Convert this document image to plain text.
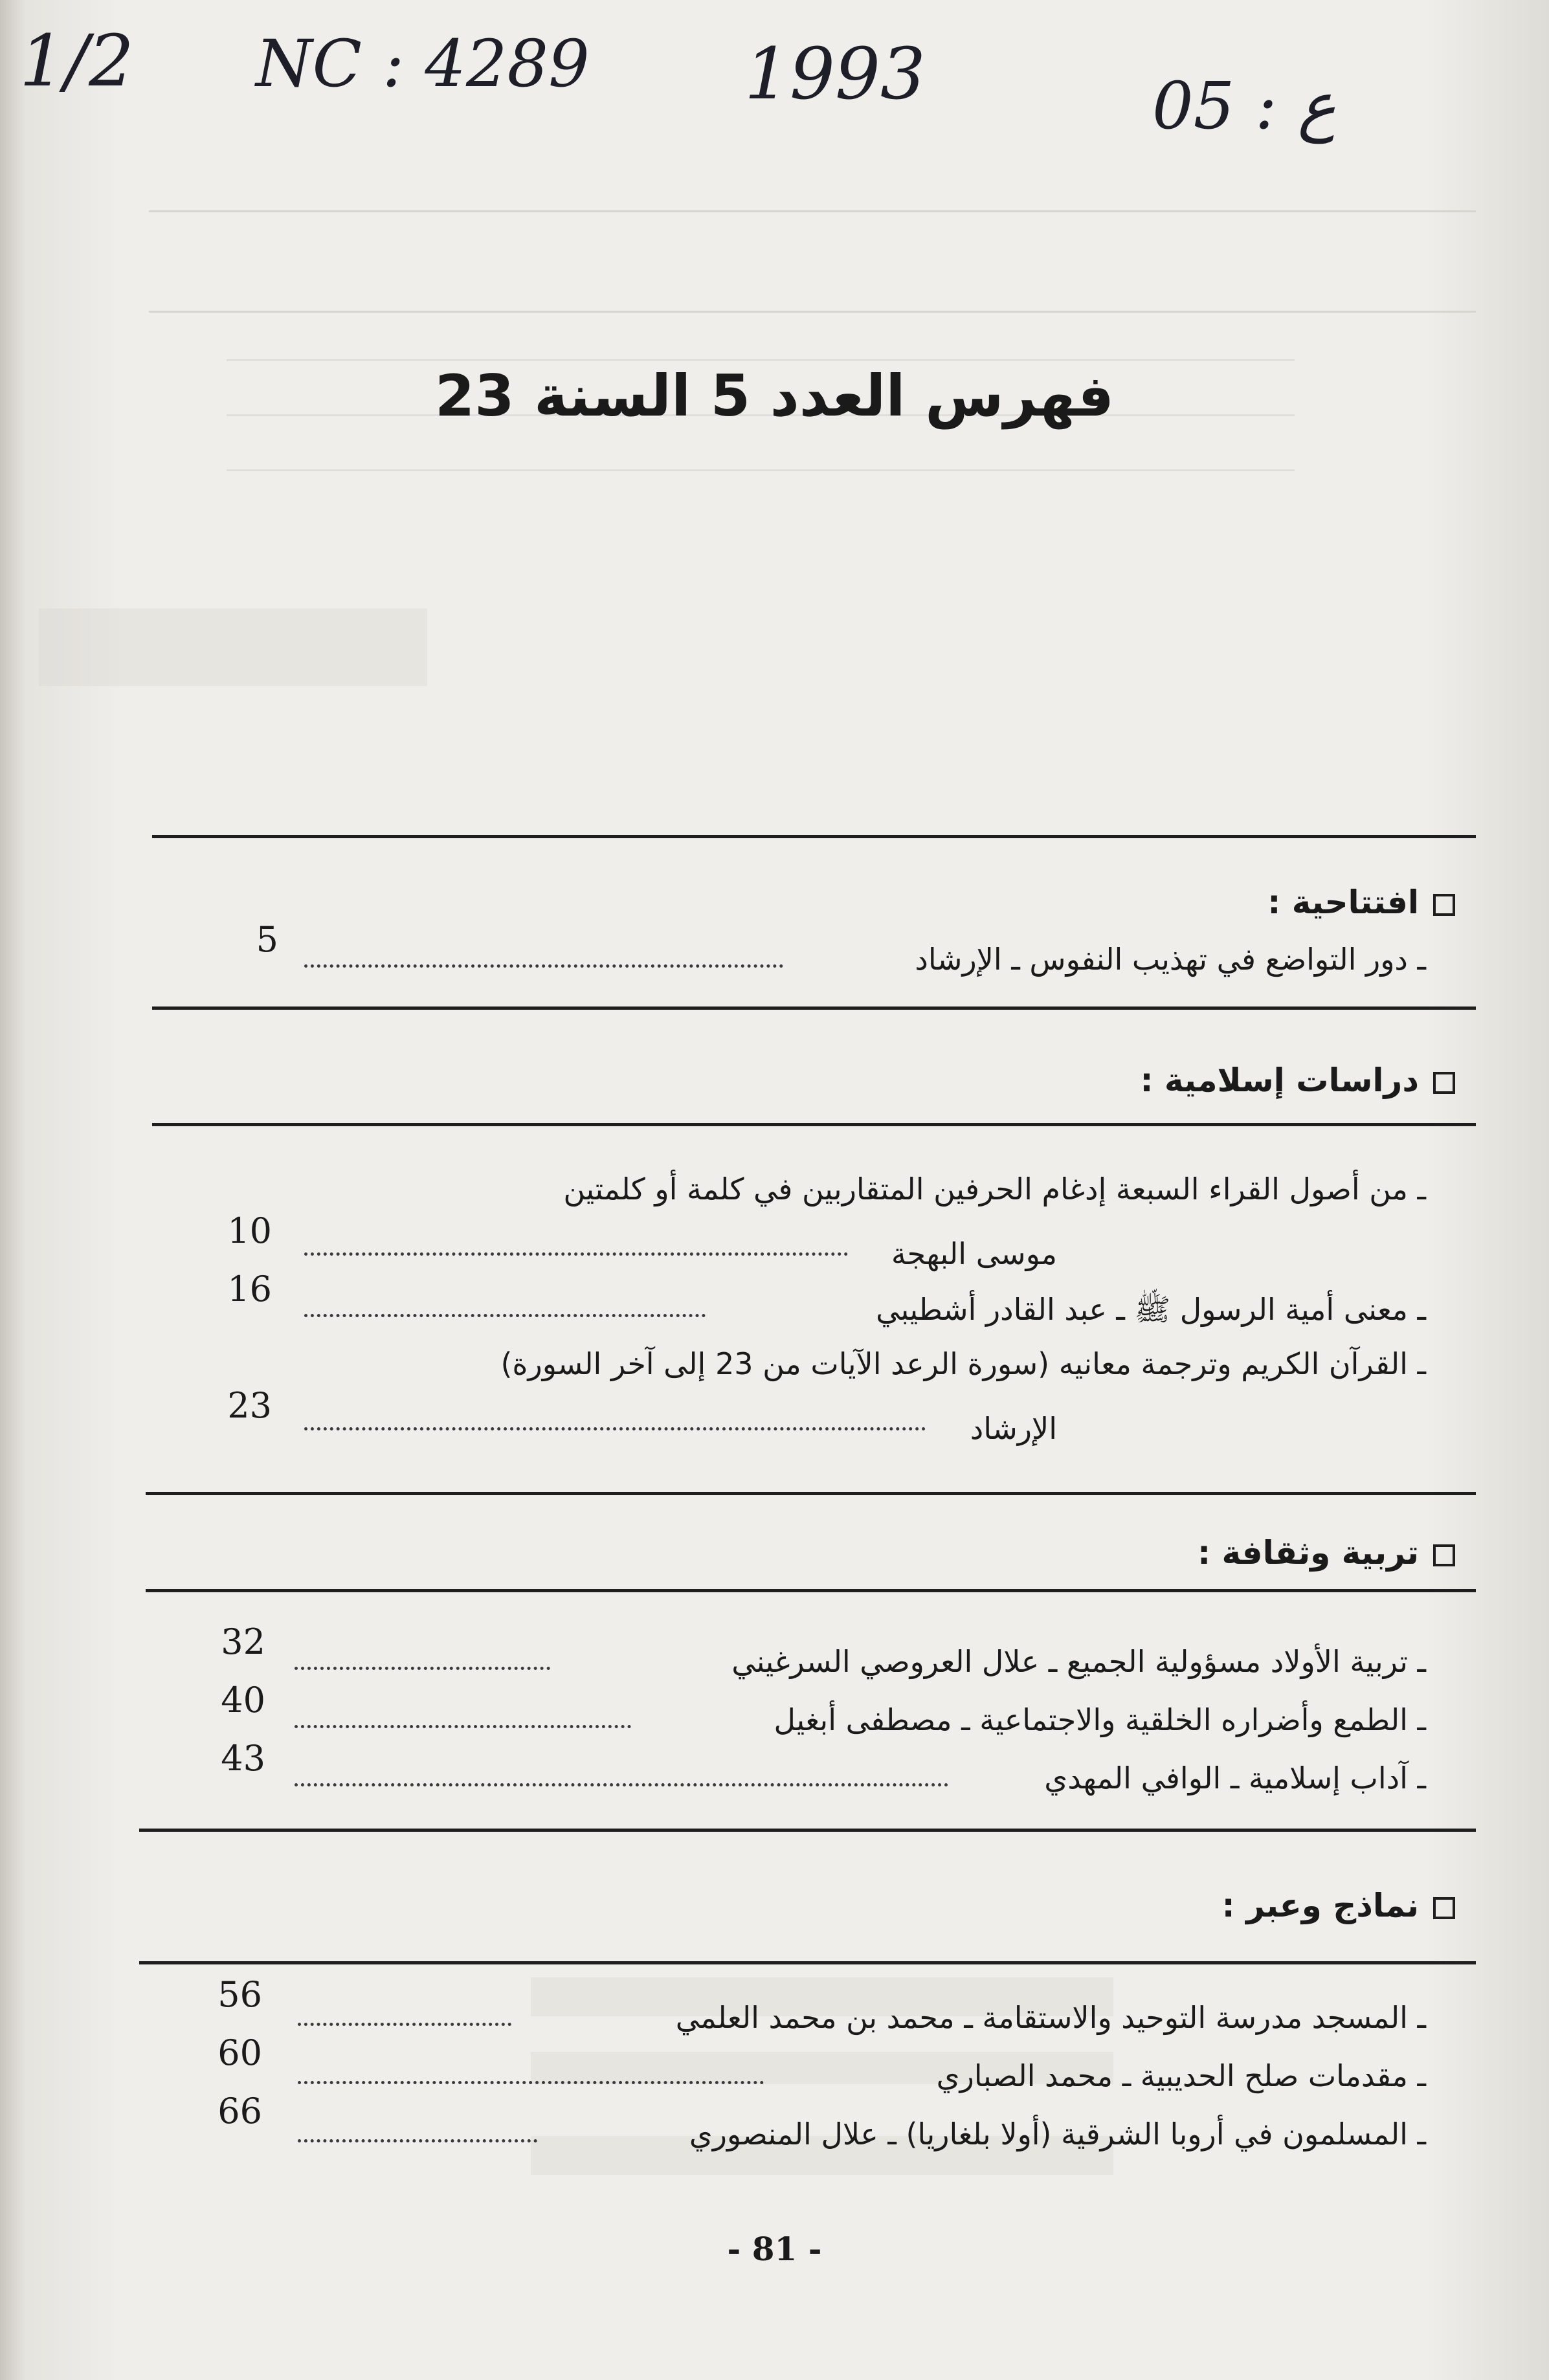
1/2 NC : 4289 1993	ع : 05
فهرس العدد 5 السنة 23
افتتاحية :
ـ دور التواضع في تهذيب النفوس ـ الإرشاد
5
دراسات إسلامية :
ـ من أصول القراء السبعة إدغام الحرفين المتقاربين في كلمة أو كلمتين
موسى البهجة
10
ـ معنى أمية الرسول ﷺ ـ عبد القادر أشطيبي
16
ـ القرآن الكريم وترجمة معانيه (سورة الرعد الآيات من 23 إلى آخر السورة)
الإرشاد
23
تربية وثقافة :
ـ تربية الأولاد مسؤولية الجميع ـ علال العروصي السرغيني
32
ـ الطمع وأضراره الخلقية والاجتماعية ـ مصطفى أبغيل
40
ـ آداب إسلامية ـ الوافي المهدي
43
نماذج وعبر :
ـ المسجد مدرسة التوحيد والاستقامة ـ محمد بن محمد العلمي
56
ـ مقدمات صلح الحديبية ـ محمد الصباري
60
ـ المسلمون في أروبا الشرقية (أولا بلغاريا) ـ علال المنصوري
66
- 81 -
